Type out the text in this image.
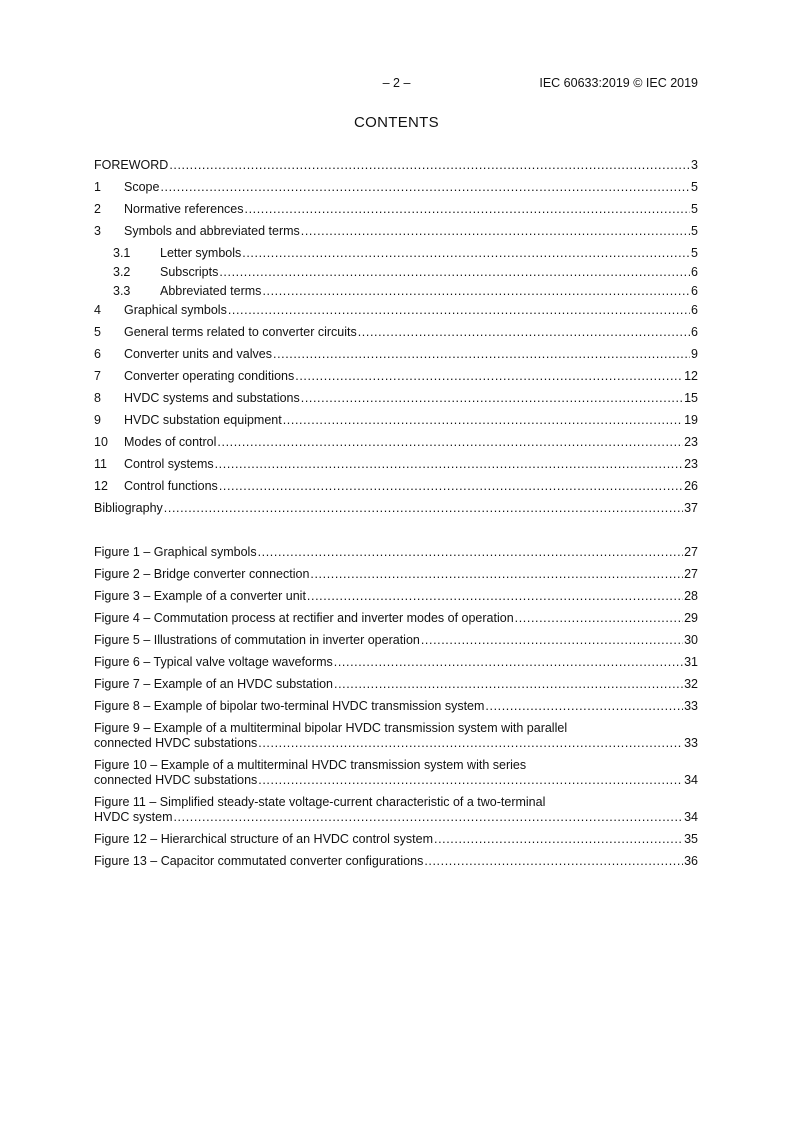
– 2 –	IEC 60633:2019 © IEC 2019
CONTENTS
FOREWORD .....	3
1	Scope .....	5
2	Normative references .....	5
3	Symbols and abbreviated terms .....	5
3.1	Letter symbols .....	5
3.2	Subscripts .....	6
3.3	Abbreviated terms .....	6
4	Graphical symbols .....	6
5	General terms related to converter circuits .....	6
6	Converter units and valves .....	9
7	Converter operating conditions .....	12
8	HVDC systems and substations .....	15
9	HVDC substation equipment .....	19
10	Modes of control .....	23
11	Control systems .....	23
12	Control functions .....	26
Bibliography .....	37
Figure 1 – Graphical symbols .....	27
Figure 2 – Bridge converter connection .....	27
Figure 3 – Example of a converter unit .....	28
Figure 4 – Commutation process at rectifier and inverter modes of operation .....	29
Figure 5 – Illustrations of commutation in inverter operation .....	30
Figure 6 – Typical valve voltage waveforms .....	31
Figure 7 – Example of an HVDC substation .....	32
Figure 8 – Example of bipolar two-terminal HVDC transmission system .....	33
Figure 9 – Example of a multiterminal bipolar HVDC transmission system with parallel
connected HVDC substations .....	33
Figure 10 – Example of a multiterminal HVDC transmission system with series
connected HVDC substations .....	34
Figure 11 – Simplified steady-state voltage-current characteristic of a two-terminal
HVDC system .....	34
Figure 12 – Hierarchical structure of an HVDC control system .....	35
Figure 13 – Capacitor commutated converter configurations .....	36
